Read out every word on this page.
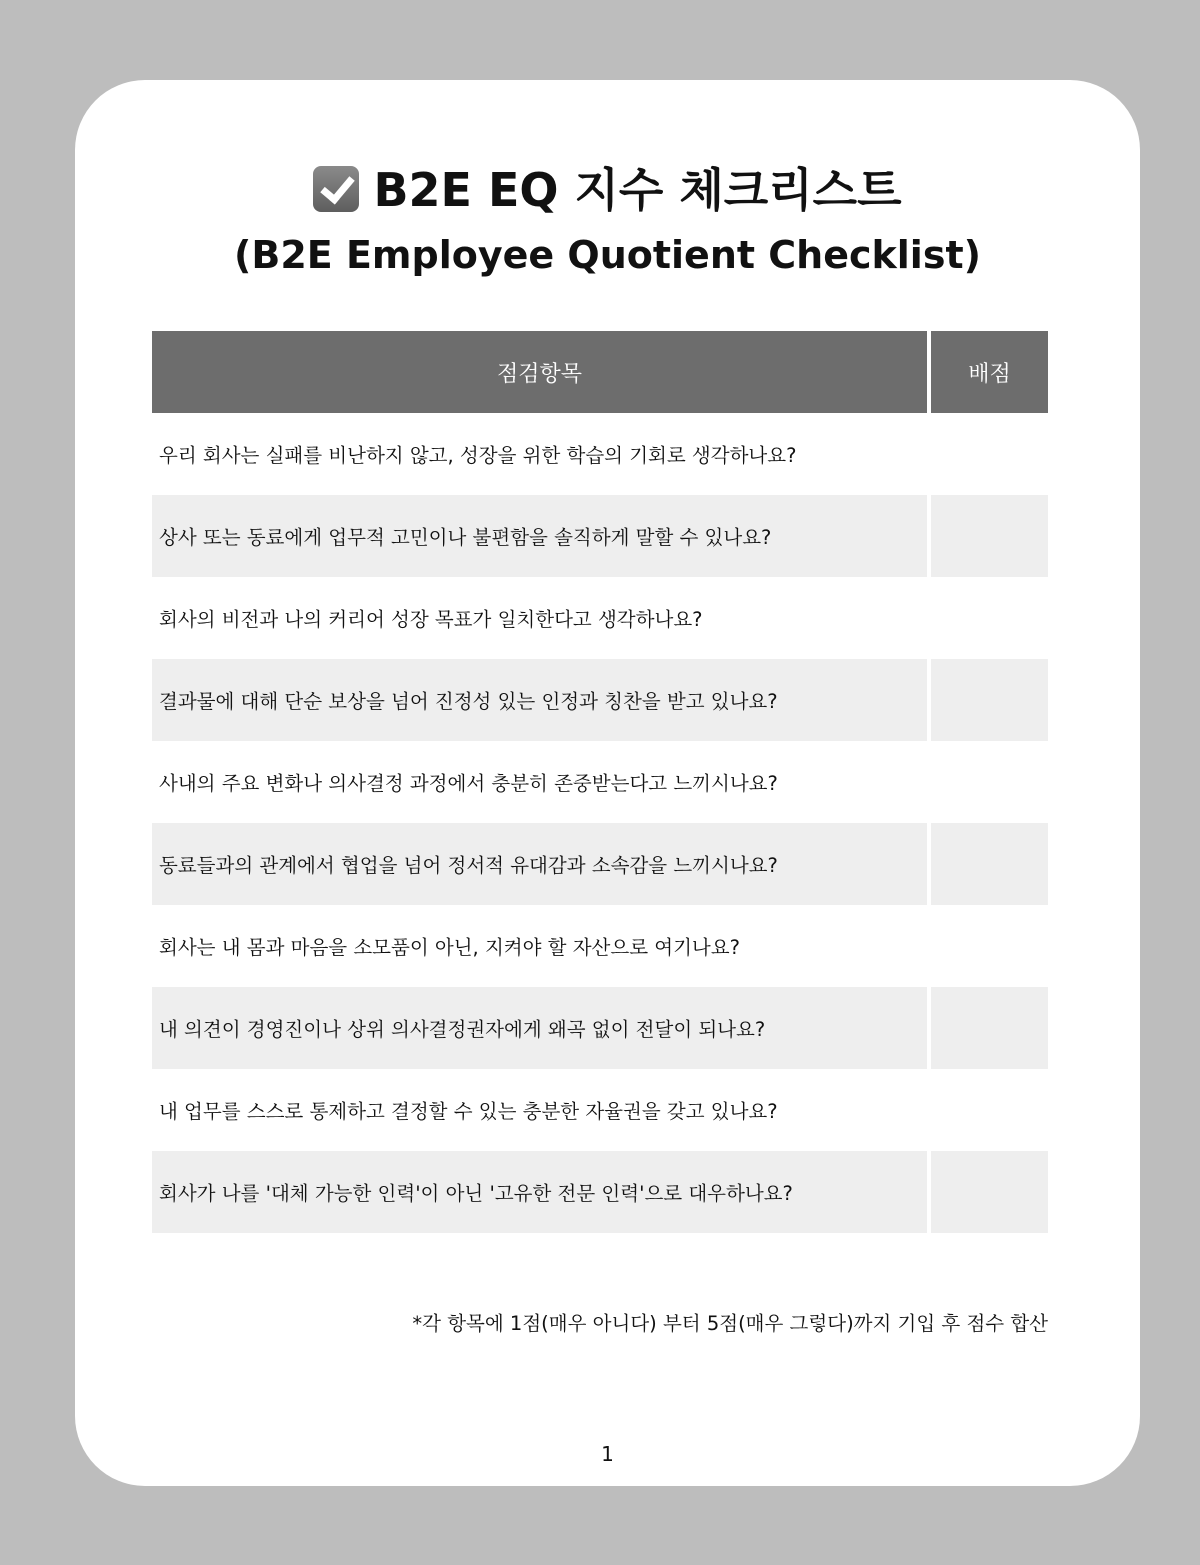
B2E EQ 지수 체크리스트
(B2E Employee Quotient Checklist)
점검항목	배점
우리 회사는 실패를 비난하지 않고, 성장을 위한 학습의 기회로 생각하나요?
상사 또는 동료에게 업무적 고민이나 불편함을 솔직하게 말할 수 있나요?
회사의 비전과 나의 커리어 성장 목표가 일치한다고 생각하나요?
결과물에 대해 단순 보상을 넘어 진정성 있는 인정과 칭찬을 받고 있나요?
사내의 주요 변화나 의사결정 과정에서 충분히 존중받는다고 느끼시나요?
동료들과의 관계에서 협업을 넘어 정서적 유대감과 소속감을 느끼시나요?
회사는 내 몸과 마음을 소모품이 아닌, 지켜야 할 자산으로 여기나요?
내 의견이 경영진이나 상위 의사결정권자에게 왜곡 없이 전달이 되나요?
내 업무를 스스로 통제하고 결정할 수 있는 충분한 자율권을 갖고 있나요?
회사가 나를 '대체 가능한 인력'이 아닌 '고유한 전문 인력'으로 대우하나요?
*각 항목에 1점(매우 아니다) 부터 5점(매우 그렇다)까지 기입 후 점수 합산
1
